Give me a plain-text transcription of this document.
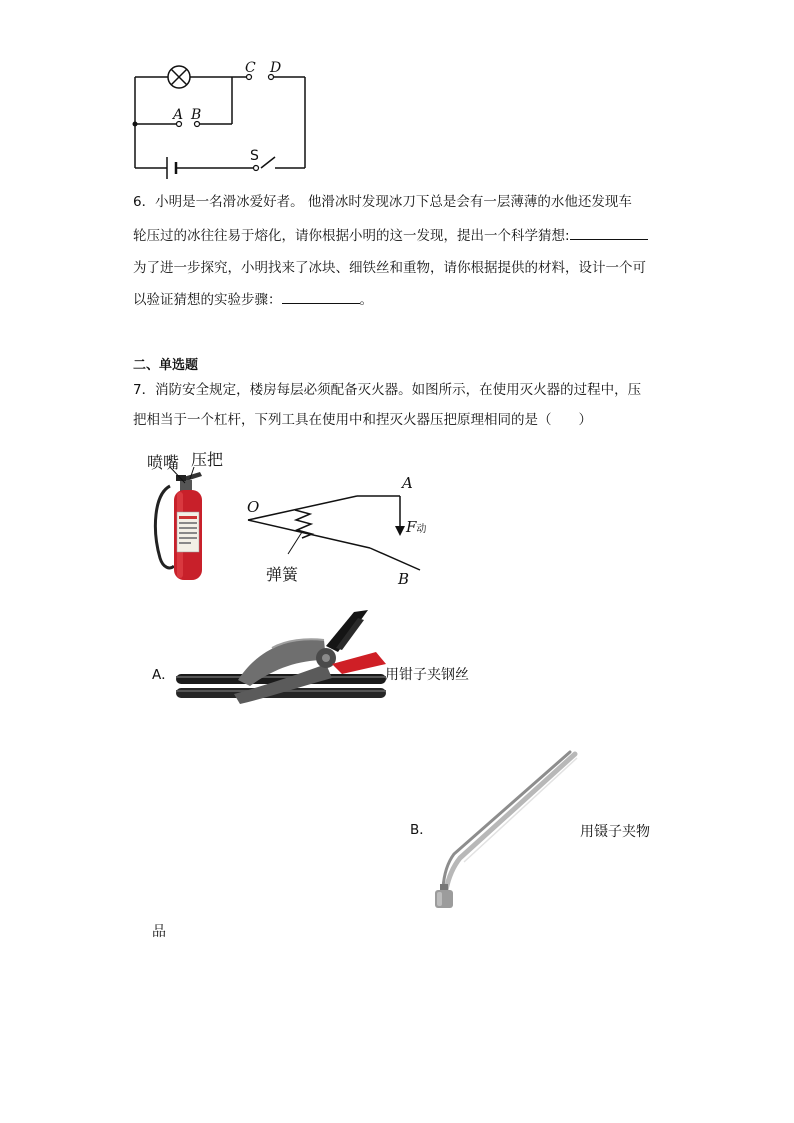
C D
A B
S
6．小明是一名滑冰爱好者。 他滑冰时发现冰刀下总是会有一层薄薄的水他还发现车
轮压过的冰往往易于熔化，请你根据小明的这一发现，提出一个科学猜想:
为了进一步探究，小明找来了冰块、细铁丝和重物，请你根据提供的材料，设计一个可
以验证猜想的实验步骤：	。
二、单选题
7．消防安全规定，楼房每层必须配备灭火器。如图所示，在使用灭火器的过程中，压
把相当于一个杠杆，下列工具在使用中和捏灭火器压把原理相同的是（　　）
喷嘴 压把
O
A
B
F动
弹簧
A．	用钳子夹钢丝
B．	用镊子夹物
品
